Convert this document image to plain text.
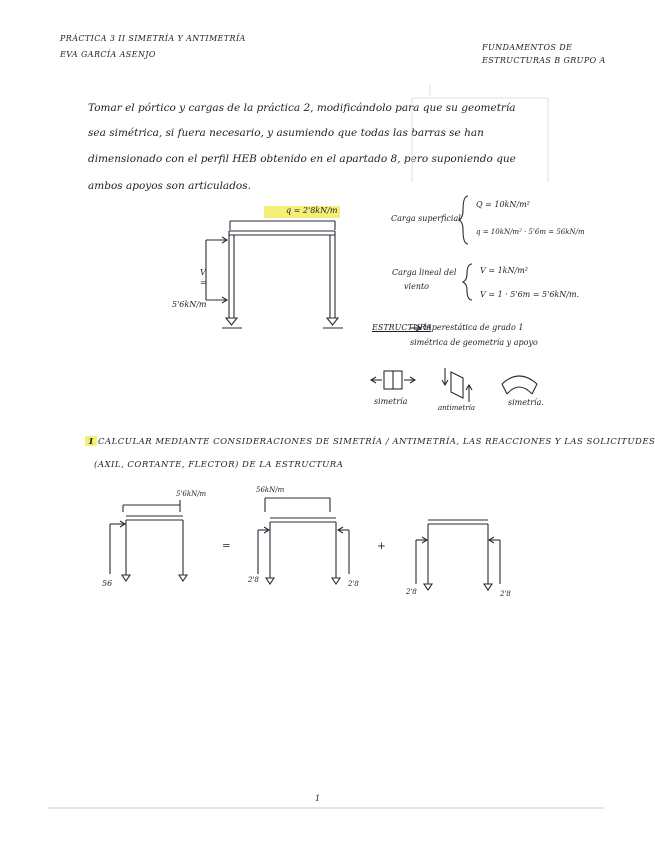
PRÁCTICA 3 II SIMETRÍA Y ANTIMETRÍA
EVA GARCÍA ASENJO
FUNDAMENTOS DE
ESTRUCTURAS B GRUPO A
Tomar el pórtico y cargas de la práctica 2, modificándolo para que su geometría
sea simétrica, si fuera necesario, y asumiendo que todas las barras se han
dimensionado con el perfil HEB obtenido en el apartado 8, pero suponiendo que
ambos apoyos son articulados.
q = 2'8kN/m
V
=
5'6kN/m
Carga superficial
Q = 10kN/m²
q = 10kN/m² · 5'6m = 56kN/m
Carga lineal del
viento
V = 1kN/m²
V = 1 · 5'6m = 5'6kN/m.
ESTRUCTURA
hiperestática de grado 1
simétrica de geometría y apoyo
simetría
antimetría
simetría.
1 CALCULAR MEDIANTE CONSIDERACIONES DE SIMETRÍA / ANTIMETRÍA, LAS REACCIONES Y LAS SOLICITUDES
(AXIL, CORTANTE, FLECTOR) DE LA ESTRUCTURA
5'6kN/m
56
=
56kN/m
2'8	2'8
+
2'8	2'8
1
